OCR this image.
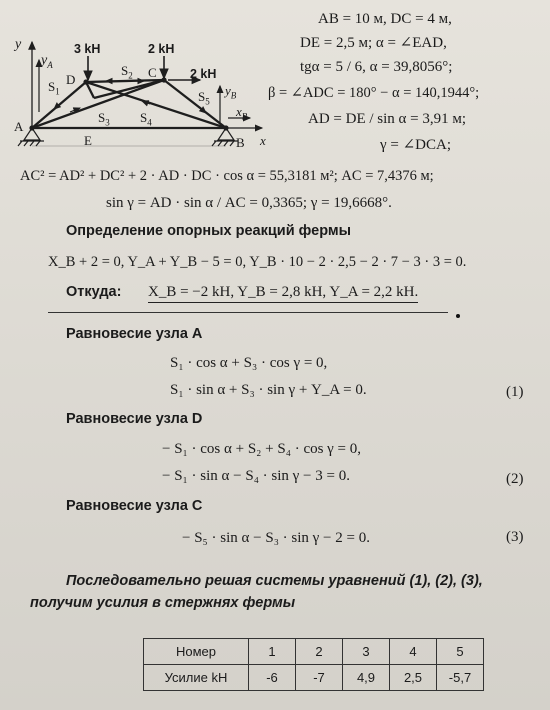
y
$y_A$
3 kH	2 kH
2 kH
D	C
A
B
E	x
$y_B$
$x_B$
$S_1$
$S_2$
$S_3$ $S_4$
$S_5$
AB = 10 м, DC = 4 м,
DE = 2,5 м; α = ∠EAD,
tgα = 5 / 6, α = 39,8056°;
β = ∠ADC = 180° − α = 140,1944°;
AD = DE / sin α = 3,91 м;
γ = ∠DCA;
AC² = AD² + DC² + 2 · AD · DC · cos α = 55,3181 м²; AC = 7,4376 м;
sin γ = AD · sin α / AC = 0,3365; γ = 19,6668°.
Определение опорных реакций фермы
X_B + 2 = 0, Y_A + Y_B − 5 = 0, Y_B · 10 − 2 · 2,5 − 2 · 7 − 3 · 3 = 0.
Откуда: X_B = −2 kH, Y_B = 2,8 kH, Y_A = 2,2 kH.
Равновесие узла A
S₁ · cos α + S₃ · cos γ = 0,
S₁ · sin α + S₃ · sin γ + Y_A = 0.	(1)
Равновесие узла D
− S₁ · cos α + S₂ + S₄ · cos γ = 0,
− S₁ · sin α − S₄ · sin γ − 3 = 0.	(2)
Равновесие узла C
− S₅ · sin α − S₃ · sin γ − 2 = 0.	(3)
Последовательно решая системы уравнений (1), (2), (3),
получим усилия в стержнях фермы
Номер	1	2	3	4	5
Усилие kH	-6	-7	4,9	2,5	-5,7
